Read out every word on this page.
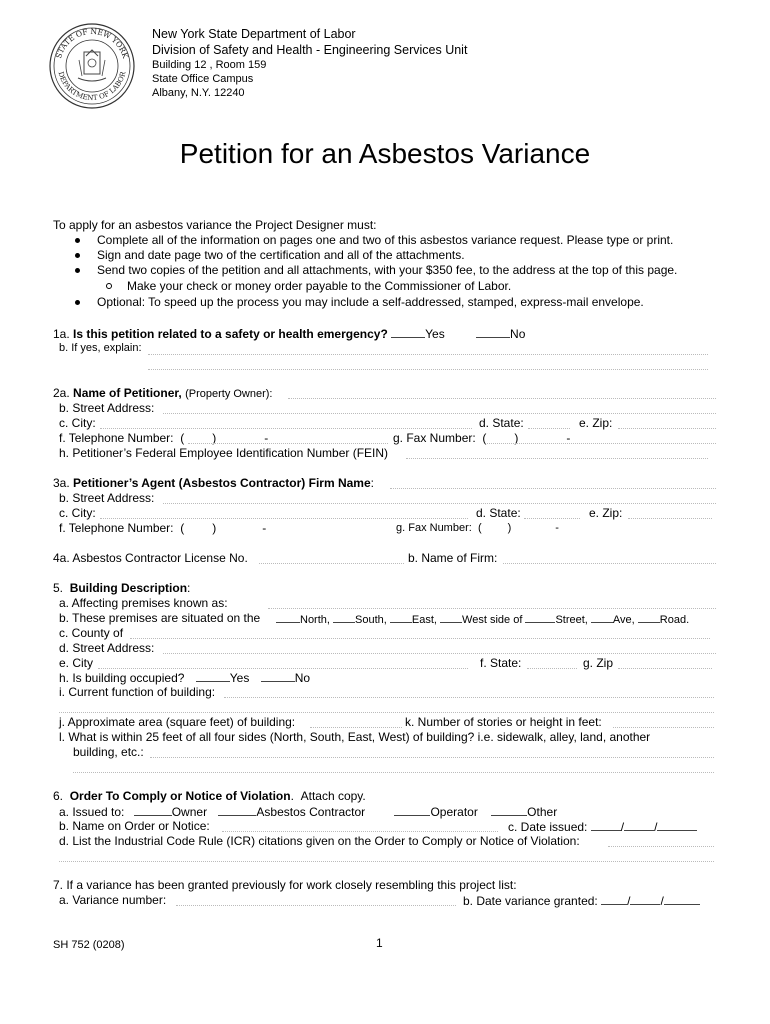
STATE OF NEW YORK
DEPARTMENT OF LABOR
New York State Department of Labor
Division of Safety and Health - Engineering Services Unit
Building 12 , Room 159
State Office Campus
Albany, N.Y. 12240
Petition for an Asbestos Variance
To apply for an asbestos variance the Project Designer must:
Complete all of the information on pages one and two of this asbestos variance request. Please type or print.
Sign and date page two of the certification and all of the attachments.
Send two copies of the petition and all attachments, with your $350 fee, to the address at the top of this page.
Make your check or money order payable to the Commissioner of Labor.
Optional: To speed up the process you may include a self-addressed, stamped, express-mail envelope.
1a. Is this petition related to a safety or health emergency?	Yes	No
b. If yes, explain:
2a. Name of Petitioner, (Property Owner):
b. Street Address:
c. City:	d. State:	e. Zip:
f. Telephone Number: ( )	-	g. Fax Number: ( )	-
h. Petitioner’s Federal Employee Identification Number (FEIN)
3a. Petitioner’s Agent (Asbestos Contractor) Firm Name:
b. Street Address:
c. City:	d. State:	e. Zip:
f. Telephone Number: ( )	-	g. Fax Number: ( )	-
4a. Asbestos Contractor License No.	b. Name of Firm:
5. Building Description:
a. Affecting premises known as:
b. These premises are situated on the	North, South, East, West side of	Street, Ave, Road.
c. County of
d. Street Address:
e. City	f. State:	g. Zip
h. Is building occupied?	Yes	No
i. Current function of building:
j. Approximate area (square feet) of building:	k. Number of stories or height in feet:
l. What is within 25 feet of all four sides (North, South, East, West) of building? i.e. sidewalk, alley, land, another
building, etc.:
6. Order To Comply or Notice of Violation.  Attach copy.
a. Issued to:	Owner	Asbestos Contractor	Operator	Other
b. Name on Order or Notice:	c. Date issued:	/	/
d. List the Industrial Code Rule (ICR) citations given on the Order to Comply or Notice of Violation:
7. If a variance has been granted previously for work closely resembling this project list:
a. Variance number:	b. Date variance granted: /	/
SH 752 (0208)	1
